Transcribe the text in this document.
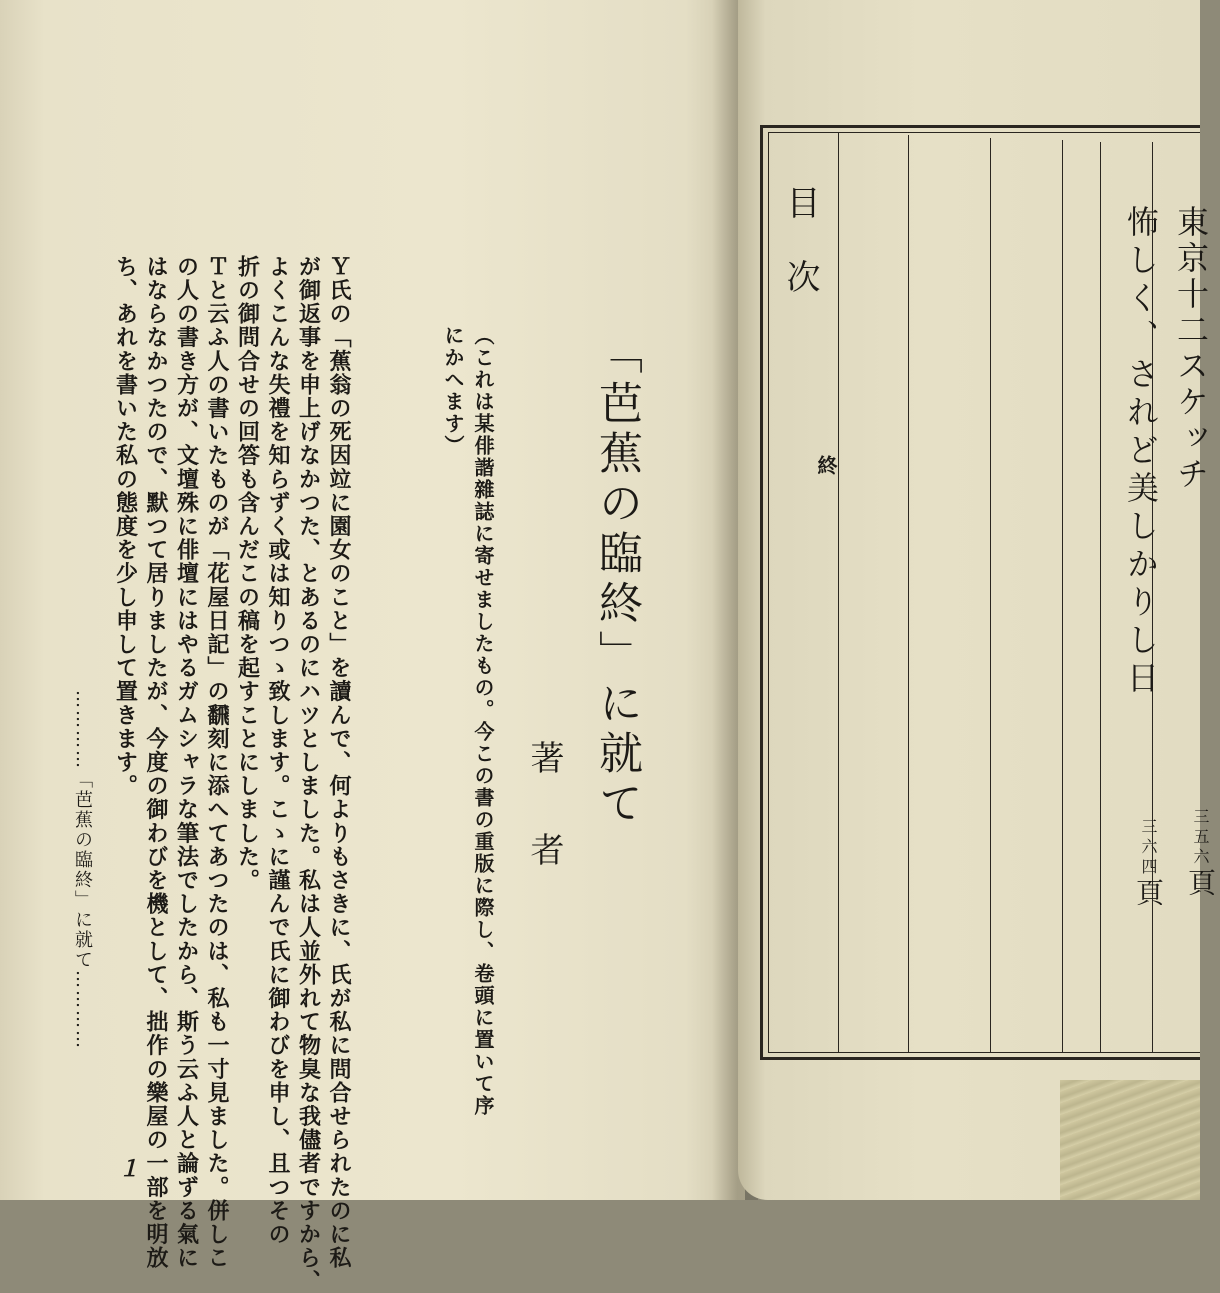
「芭蕉の臨終」に就て
（これは某俳諧雜誌に寄せましたもの。今この書の重版に際し、卷頭に置いて序
にかへます）
著者
Ｙ氏の「蕉翁の死因竝に園女のこと」を讀んで、何よりもさきに、氏が私に問合せられたのに私
が御返事を申上げなかつた、とあるのにハツとしました。私は人並外れて物臭な我儘者ですから、
よくこんな失禮を知らずく或は知りつゝ致します。こゝに謹んで氏に御わびを申し、且つその
折の御問合せの回答も含んだこの稿を起すことにしました。
Ｔと云ふ人の書いたものが「花屋日記」の飜刻に添へてあつたのは、私も一寸見ました。併しこ
の人の書き方が、文壇殊に俳壇にはやるガムシャラな筆法でしたから、斯う云ふ人と論ずる氣に
はならなかつたので、默つて居りましたが、今度の御わびを機として、拙作の樂屋の一部を明放
ち、あれを書いた私の態度を少し申して置きます。
…………「芭蕉の臨終」に就て…………
１
目次
終	東京十二スケッチ
三五六頁
怖しく、されど美しかりし日
三六四頁
